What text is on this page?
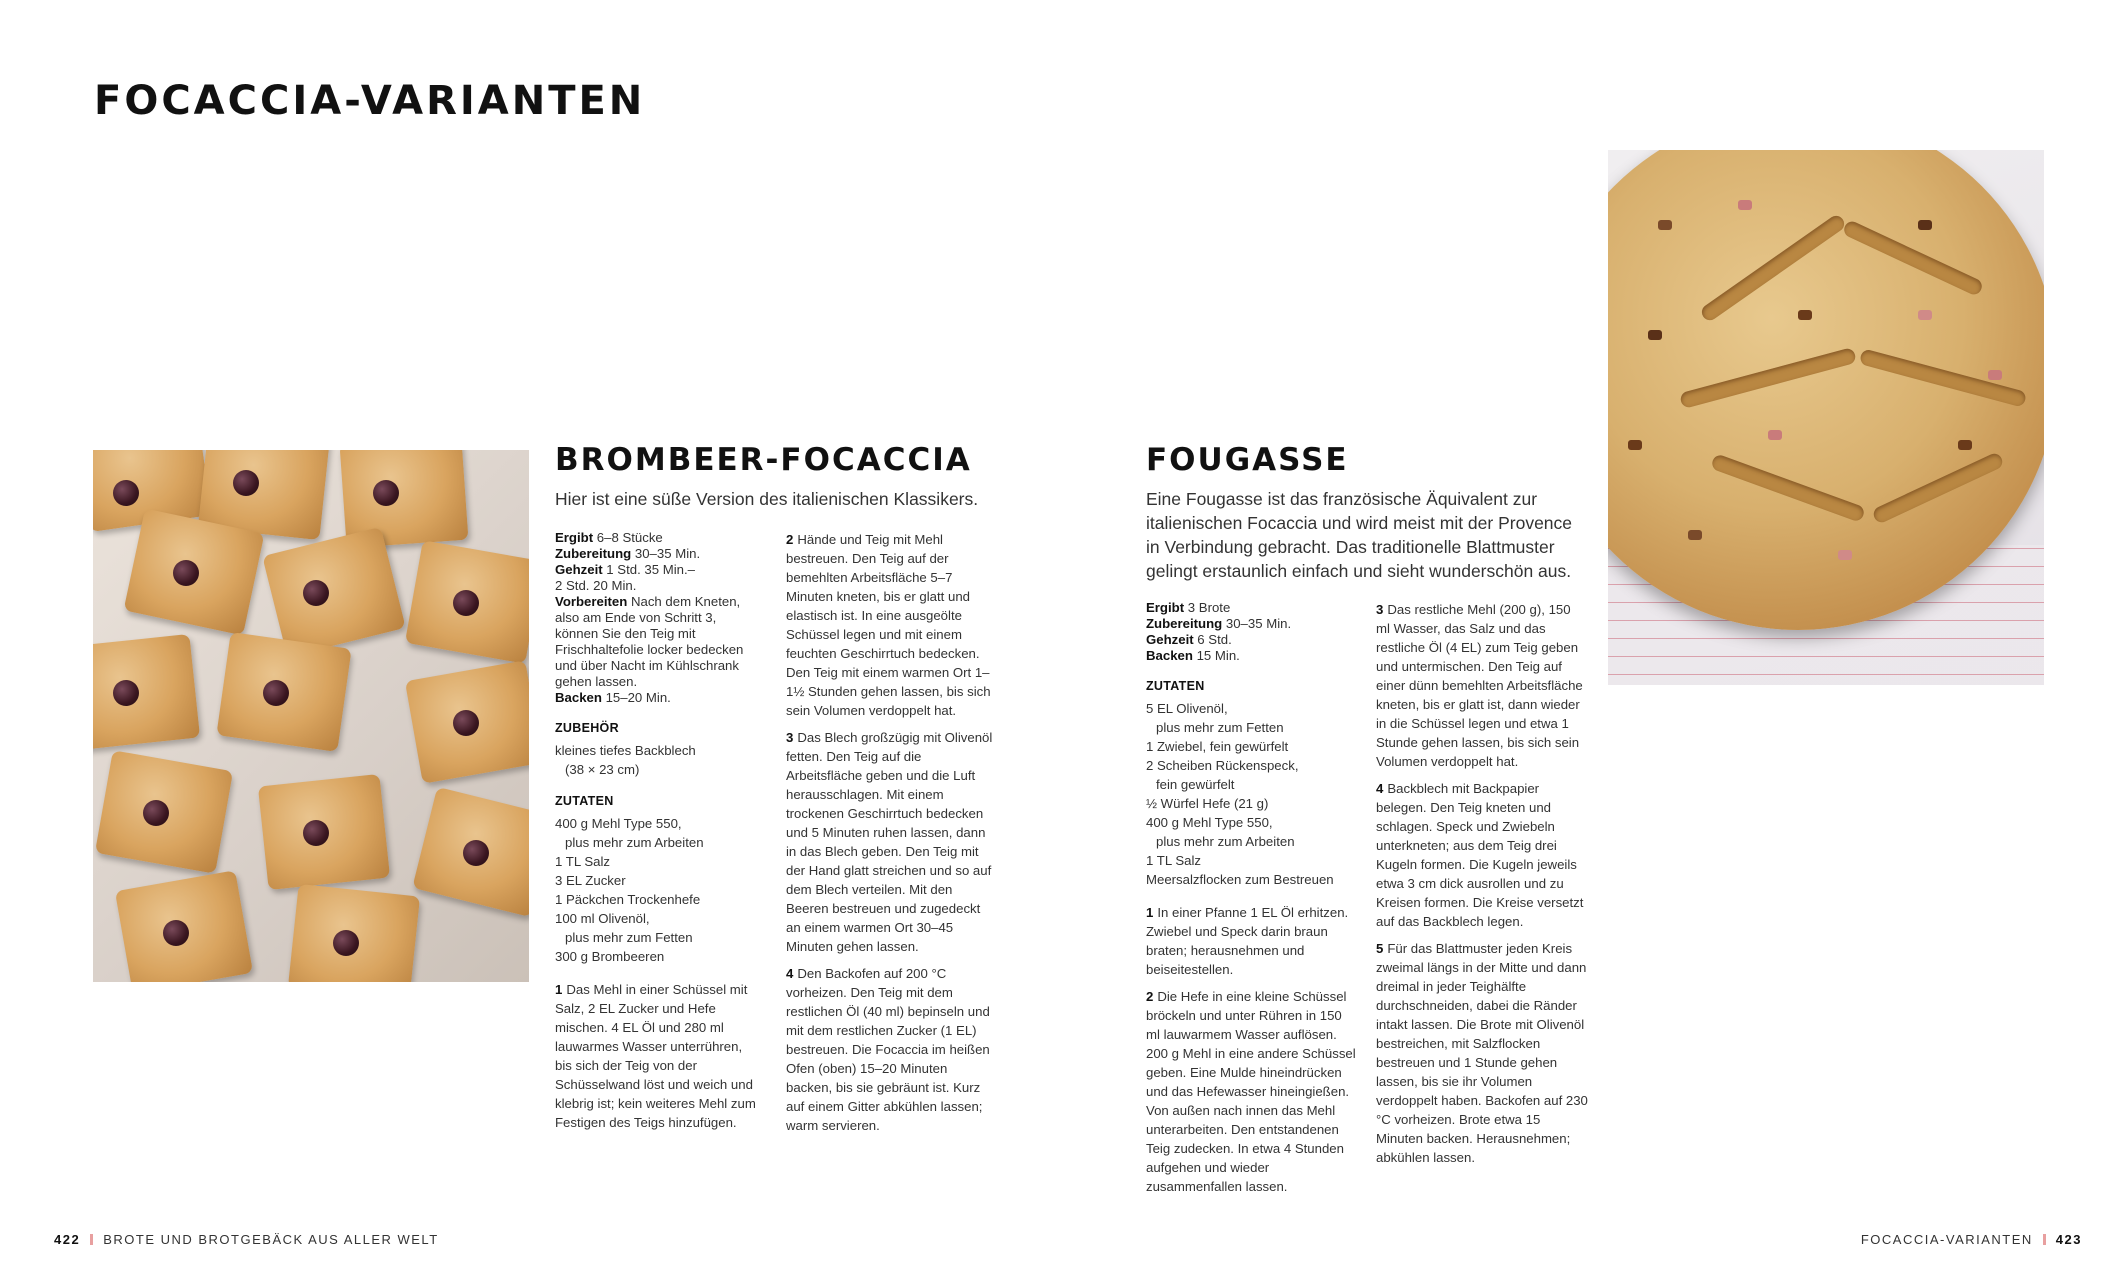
FOCACCIA-VARIANTEN
BROMBEER-FOCACCIA

Hier ist eine süße Version des italienischen Klassikers.

Ergibt 6–8 Stücke

Zubereitung 30–35 Min.

Gehzeit 1 Std. 35 Min.–
2 Std. 20 Min.

Vorbereiten Nach dem Kneten, also am Ende von Schritt 3, können Sie den Teig mit Frischhaltefolie locker bedecken und über Nacht im Kühlschrank gehen lassen.

Backen 15–20 Min.

ZUBEHÖR

kleines tiefes Backblech

(38 × 23 cm)

ZUTATEN

400 g Mehl Type 550,

plus mehr zum Arbeiten

1 TL Salz

3 EL Zucker

1 Päckchen Trockenhefe

100 ml Olivenöl,

plus mehr zum Fetten

300 g Brombeeren

1 Das Mehl in einer Schüssel mit Salz, 2 EL Zucker und Hefe mischen. 4 EL Öl und 280 ml lauwarmes Wasser unterrühren, bis sich der Teig von der Schüsselwand löst und weich und klebrig ist; kein weiteres Mehl zum Festigen des Teigs hinzufügen.

2 Hände und Teig mit Mehl bestreuen. Den Teig auf der bemehlten Arbeitsfläche 5–7 Minuten kneten, bis er glatt und elastisch ist. In eine ausgeölte Schüssel legen und mit einem feuchten Geschirrtuch bedecken. Den Teig mit einem warmen Ort 1–1½ Stunden gehen lassen, bis sich sein Volumen verdoppelt hat.

3 Das Blech großzügig mit Olivenöl fetten. Den Teig auf die Arbeitsfläche geben und die Luft herausschlagen. Mit einem trockenen Geschirrtuch bedecken und 5 Minuten ruhen lassen, dann in das Blech geben. Den Teig mit der Hand glatt streichen und so auf dem Blech verteilen. Mit den Beeren bestreuen und zugedeckt an einem warmen Ort 30–45 Minuten gehen lassen.

4 Den Backofen auf 200 °C vorheizen. Den Teig mit dem restlichen Öl (40 ml) bepinseln und mit dem restlichen Zucker (1 EL) bestreuen. Die Focaccia im heißen Ofen (oben) 15–20 Minuten backen, bis sie gebräunt ist. Kurz auf einem Gitter abkühlen lassen; warm servieren.

FOUGASSE

Eine Fougasse ist das französische Äquivalent zur italienischen Focaccia und wird meist mit der Provence in Verbindung gebracht. Das traditionelle Blattmuster gelingt erstaunlich einfach und sieht wunderschön aus.

Ergibt 3 Brote

Zubereitung 30–35 Min.

Gehzeit 6 Std.

Backen 15 Min.

ZUTATEN

5 EL Olivenöl,

plus mehr zum Fetten

1 Zwiebel, fein gewürfelt

2 Scheiben Rückenspeck,

fein gewürfelt

½ Würfel Hefe (21 g)

400 g Mehl Type 550,

plus mehr zum Arbeiten

1 TL Salz

Meersalzflocken zum Bestreuen

1 In einer Pfanne 1 EL Öl erhitzen. Zwiebel und Speck darin braun braten; herausnehmen und beiseitestellen.

2 Die Hefe in eine kleine Schüssel bröckeln und unter Rühren in 150 ml lauwarmem Wasser auflösen. 200 g Mehl in eine andere Schüssel geben. Eine Mulde hineindrücken und das Hefewasser hineingießen. Von außen nach innen das Mehl unterarbeiten. Den entstandenen Teig zudecken. In etwa 4 Stunden aufgehen und wieder zusammenfallen lassen.

3 Das restliche Mehl (200 g), 150 ml Wasser, das Salz und das restliche Öl (4 EL) zum Teig geben und untermischen. Den Teig auf einer dünn bemehlten Arbeitsfläche kneten, bis er glatt ist, dann wieder in die Schüssel legen und etwa 1 Stunde gehen lassen, bis sich sein Volumen verdoppelt hat.

4 Backblech mit Backpapier belegen. Den Teig kneten und schlagen. Speck und Zwiebeln unterkneten; aus dem Teig drei Kugeln formen. Die Kugeln jeweils etwa 3 cm dick ausrollen und zu Kreisen formen. Die Kreise versetzt auf das Backblech legen.

5 Für das Blattmuster jeden Kreis zweimal längs in der Mitte und dann dreimal in jeder Teighälfte durchschneiden, dabei die Ränder intakt lassen. Die Brote mit Olivenöl bestreichen, mit Salzflocken bestreuen und 1 Stunde gehen lassen, bis sie ihr Volumen verdoppelt haben. Backofen auf 230 °C vorheizen. Brote etwa 15 Minuten backen. Herausnehmen; abkühlen lassen.

422 BROTE UND BROTGEBÄCK AUS ALLER WELT	FOCACCIA-VARIANTEN 423
